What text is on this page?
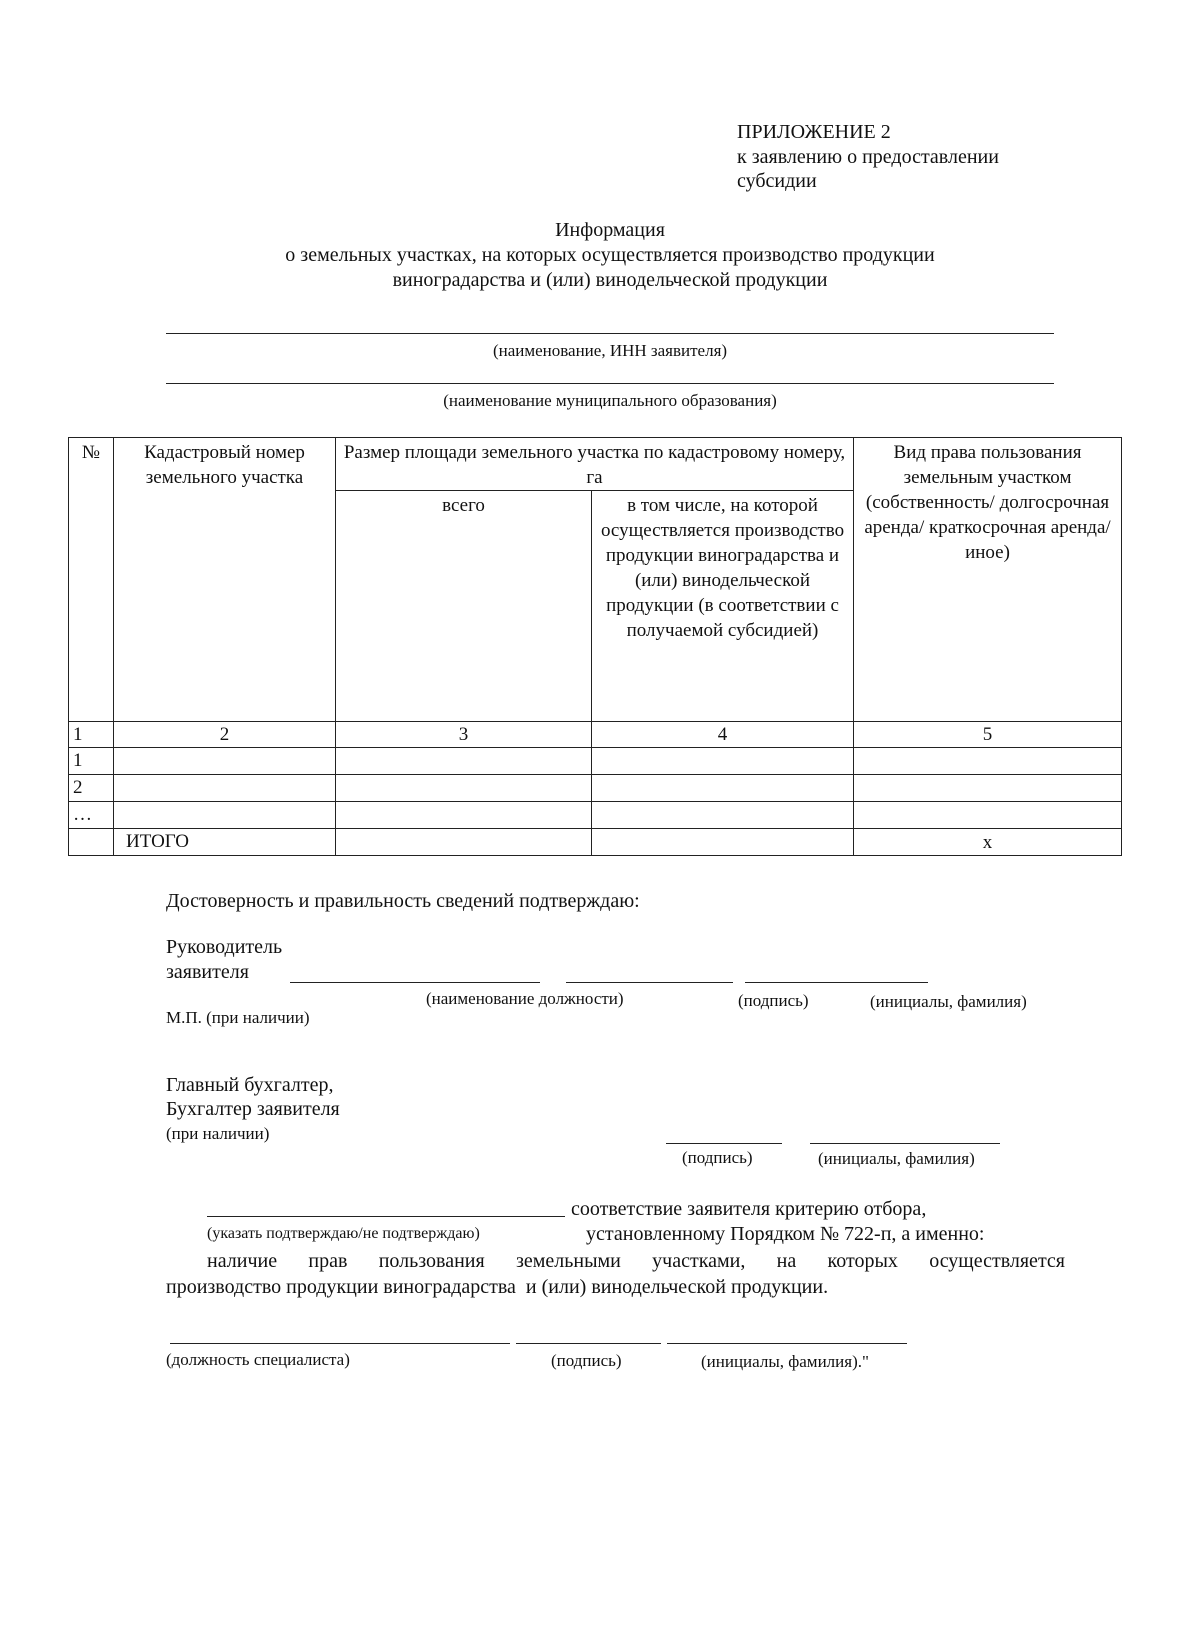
ПРИЛОЖЕНИЕ 2
к заявлению о предоставлении
субсидии
Информация
о земельных участках, на которых осуществляется производство продукции
виноградарства и (или) винодельческой продукции
(наименование, ИНН заявителя)
(наименование муниципального образования)
№	Кадастровый номер земельного участка	Размер площади земельного участка по кадастровому номеру, га		Вид права пользования земельным участком (собственность/ долгосрочная аренда/ краткосрочная аренда/ иное)
		всего	в том числе, на которой осуществляется производство продукции виноградарства и (или) винодельческой продукции (в соответствии с получаемой субсидией)	
1	2	3	4	5
1				
2				
…				
	ИТОГО			х
Достоверность и правильность сведений подтверждаю:
Руководитель
заявителя
(наименование должности)	(подпись)	(инициалы, фамилия)
М.П. (при наличии)
Главный бухгалтер,
Бухгалтер заявителя
(при наличии)
(подпись)	(инициалы, фамилия)
соответствие заявителя критерию отбора,
(указать подтверждаю/не подтверждаю)	установленному Порядком № 722-п, а именно:
наличие прав пользования земельными участками, на которых осуществляется
производство продукции виноградарства  и (или) винодельческой продукции.
(должность специалиста)	(подпись)	(инициалы, фамилия)."
